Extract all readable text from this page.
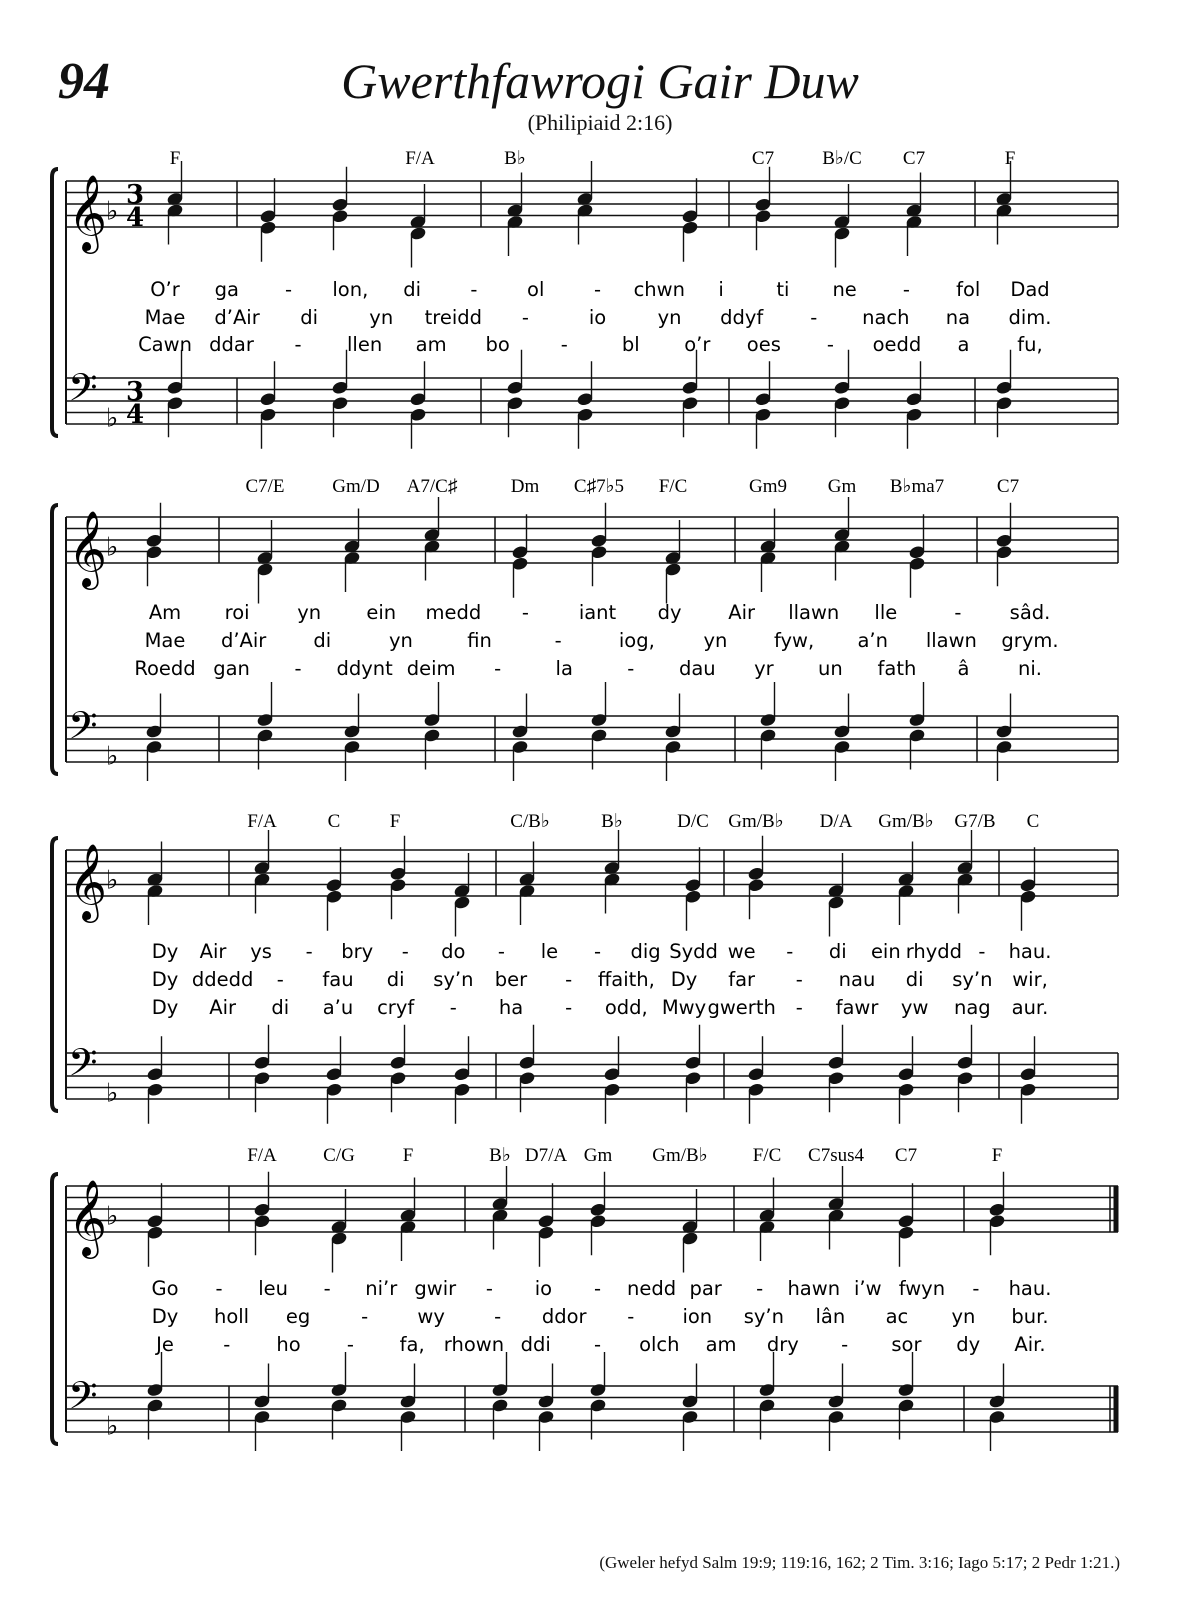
94	Gwerthfawrogi Gair Duw
(Philipiaid 2:16)
𝄞
𝄢
♭
♭
3
4
3
4
F	F/A	B♭	C7	B♭/C C7	F
O’r ga - lon, di	-	ol	- chwn i	ti ne - fol Dad
Mae d’Air di	yn treidd -	io	yn ddyf - nach na dim.
Cawn ddar - llen am bo	-	bl o’r oes - oedd a fu,
𝄞
𝄢
♭
♭
C7/E	Gm/D A7/C♯	Dm C♯7♭5 F/C	Gm9 Gm B♭ma7	C7
Am roi yn ein medd -	iant dy Air llawn lle	- sâd.
Mae d’Air di	yn	fin	-	iog, yn fyw, a’n llawn grym.
Roedd gan - ddynt deim -	la	- dau yr un fath â ni.
𝄞
𝄢
♭
♭
F/A	C	F	C/B♭	B♭	D/C Gm/B♭ D/A Gm/B♭ G7/B C
Dy Air ys - bry - do - le - dig Sydd we - di ein rhydd - hau.
Dy ddedd - fau di sy’n ber - ffaith, Dy far - nau di sy’n wir,
Dy Air di a’u cryf - ha - odd, Mwy gwerth - fawr yw nag aur.
𝄞
𝄢
♭
♭
F/A C/G	F	B♭ D7/A Gm Gm/B♭ F/C C7sus4 C7	F
Go - leu - ni’r gwir - io - nedd par - hawn i’w fwyn - hau.
Dy holl eg	-	wy	- ddor - ion sy’n lân ac yn bur.
Je	- ho - fa, rhown ddi - olch am dry - sor dy Air.
(Gweler hefyd Salm 19:9; 119:16, 162; 2 Tim. 3:16; Iago 5:17; 2 Pedr 1:21.)
